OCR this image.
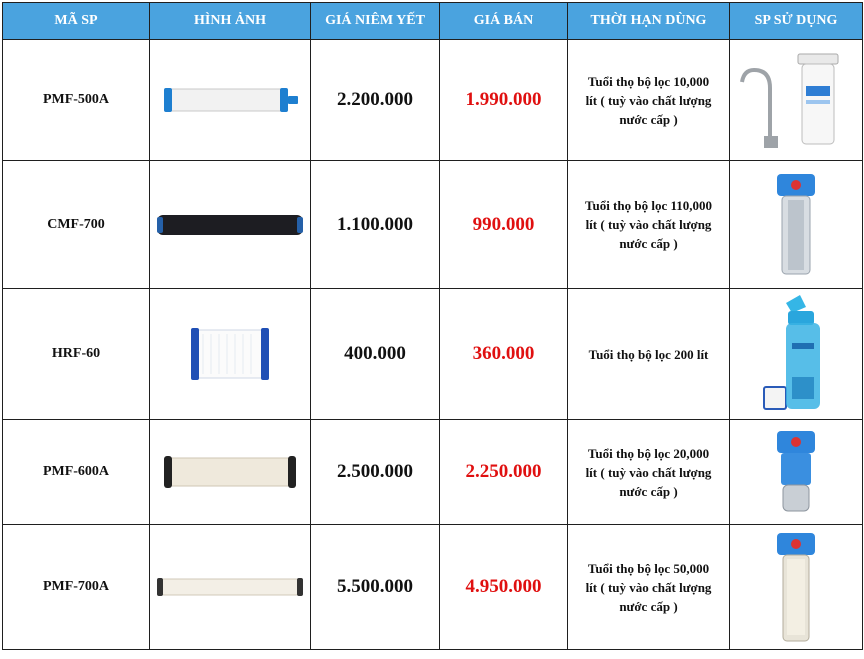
MÃ SP	HÌNH ẢNH	GIÁ NIÊM YẾT	GIÁ BÁN	THỜI HẠN DÙNG	SP SỬ DỤNG
PMF-500A		2.200.000	1.990.000	Tuổi thọ bộ lọc 10,000
lít ( tuỳ vào chất lượng
nước cấp )

CMF-700		1.100.000	990.000	Tuổi thọ bộ lọc 110,000
lít ( tuỳ vào chất lượng
nước cấp )

HRF-60		400.000	360.000	Tuổi thọ bộ lọc 200 lít

PMF-600A		2.500.000	2.250.000	Tuổi thọ bộ lọc 20,000
lít ( tuỳ vào chất lượng
nước cấp )

PMF-700A		5.500.000	4.950.000	Tuổi thọ bộ lọc 50,000
lít ( tuỳ vào chất lượng
nước cấp )
